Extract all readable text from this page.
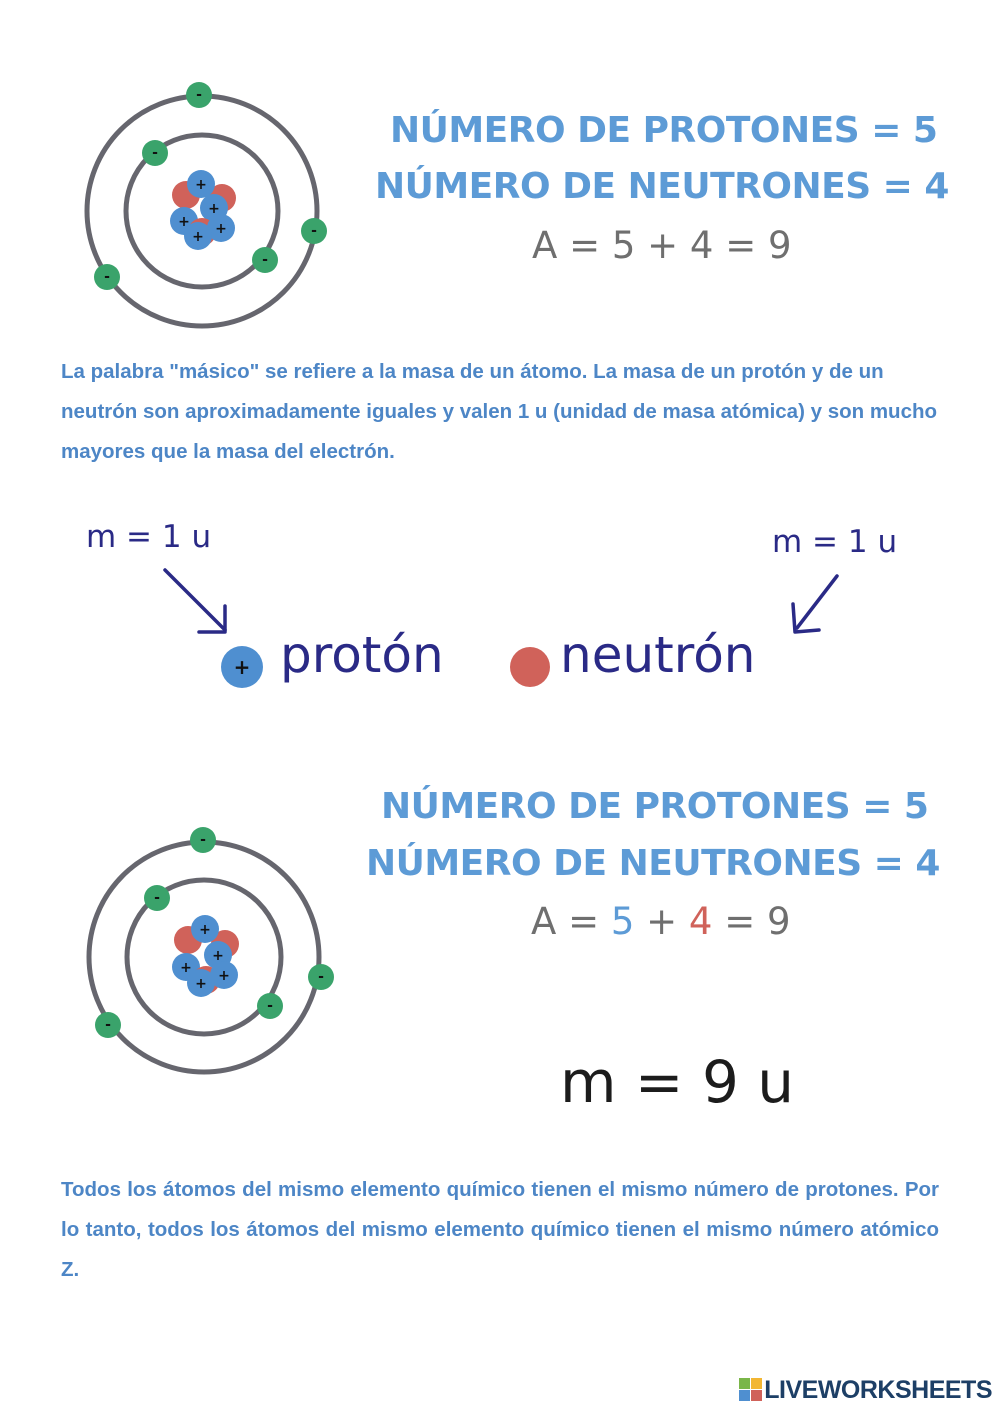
+
+
+ +
+
-
-
-
-
-
NÚMERO DE PROTONES = 5
NÚMERO DE NEUTRONES = 4
A = 5 + 4 = 9
La palabra "másico" se refiere a la masa de un átomo. La masa de un protón y de un neutrón son aproximadamente iguales y valen 1 u (unidad de masa atómica) y son mucho mayores que la masa del electrón.
m = 1 u	m = 1 u
+ protón neutrón
+
+
+ +
+
-
-
-
-
-
NÚMERO DE PROTONES = 5
NÚMERO DE NEUTRONES = 4
A = 5 + 4 = 9
m = 9 u
Todos los átomos del mismo elemento químico tienen el mismo número de protones. Por lo tanto, todos los átomos del mismo elemento químico tienen el mismo número atómico Z.
LIVEWORKSHEETS
